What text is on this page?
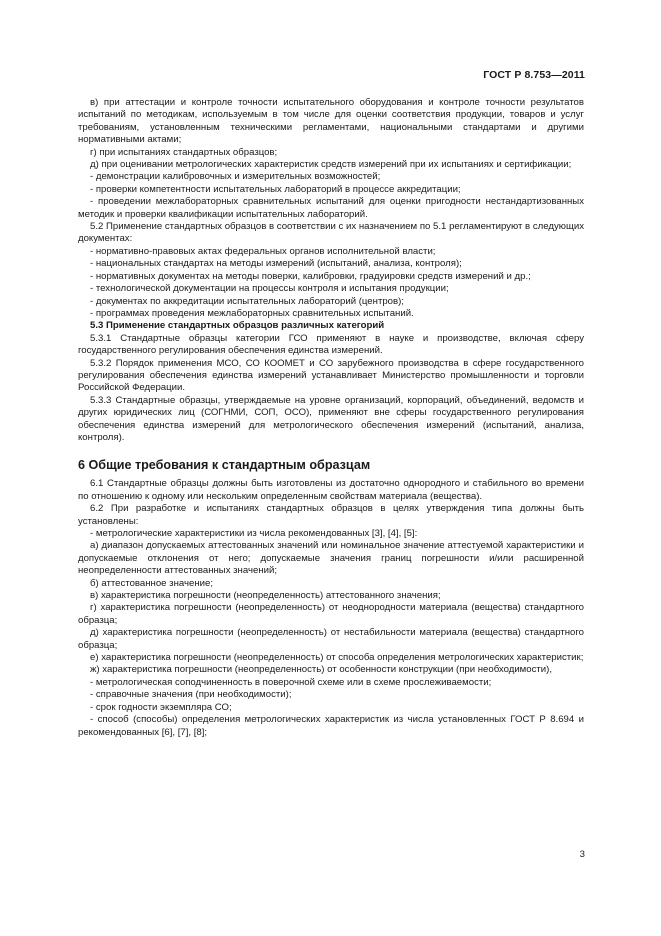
ГОСТ Р 8.753—2011

в) при аттестации и контроле точности испытательного оборудования и контроле точности результатов испытаний по методикам, используемым в том числе для оценки соответствия продукции, товаров и услуг требованиям, установленным техническими регламентами, национальными стандартами и другими нормативными актами;

г) при испытаниях стандартных образцов;

д) при оценивании метрологических характеристик средств измерений при их испытаниях и сертификации;

- демонстрации калибровочных и измерительных возможностей;

- проверки компетентности испытательных лабораторий в процессе аккредитации;

- проведении межлабораторных сравнительных испытаний для оценки пригодности нестандартизованных методик и проверки квалификации испытательных лабораторий.

5.2 Применение стандартных образцов в соответствии с их назначением по 5.1 регламентируют в следующих документах:

- нормативно-правовых актах федеральных органов исполнительной власти;

- национальных стандартах на методы измерений (испытаний, анализа, контроля);

- нормативных документах на методы поверки, калибровки, градуировки средств измерений и др.;

- технологической документации на процессы контроля и испытания продукции;

- документах по аккредитации испытательных лабораторий (центров);

- программах проведения межлабораторных сравнительных испытаний.

5.3 Применение стандартных образцов различных категорий

5.3.1 Стандартные образцы категории ГСО применяют в науке и производстве, включая сферу государственного регулирования обеспечения единства измерений.

5.3.2 Порядок применения МСО, СО КООМЕТ и СО зарубежного производства в сфере государственного регулирования обеспечения единства измерений устанавливает Министерство промышленности и торговли Российской Федерации.

5.3.3 Стандартные образцы, утверждаемые на уровне организаций, корпораций, объединений, ведомств и других юридических лиц (СОГНМИ, СОП, ОСО), применяют вне сферы государственного регулирования обеспечения единства измерений для метрологического обеспечения измерений (испытаний, анализа, контроля).

6 Общие требования к стандартным образцам

6.1 Стандартные образцы должны быть изготовлены из достаточно однородного и стабильного во времени по отношению к одному или нескольким определенным свойствам материала (вещества).

6.2 При разработке и испытаниях стандартных образцов в целях утверждения типа должны быть установлены:

- метрологические характеристики из числа рекомендованных [3], [4], [5]:

а) диапазон допускаемых аттестованных значений или номинальное значение аттестуемой характеристики и допускаемые отклонения от него; допускаемые значения границ погрешности и/или расширенной неопределенности аттестованных значений;

б) аттестованное значение;

в) характеристика погрешности (неопределенность) аттестованного значения;

г) характеристика погрешности (неопределенность) от неоднородности материала (вещества) стандартного образца;

д) характеристика погрешности (неопределенность) от нестабильности материала (вещества) стандартного образца;

е) характеристика погрешности (неопределенность) от способа определения метрологических характеристик;

ж) характеристика погрешности (неопределенность) от особенности конструкции (при необходимости),

- метрологическая соподчиненность в поверочной схеме или в схеме прослеживаемости;

- справочные значения (при необходимости);

- срок годности экземпляра СО;

- способ (способы) определения метрологических характеристик из числа установленных ГОСТ Р 8.694 и рекомендованных [6], [7], [8];

3
